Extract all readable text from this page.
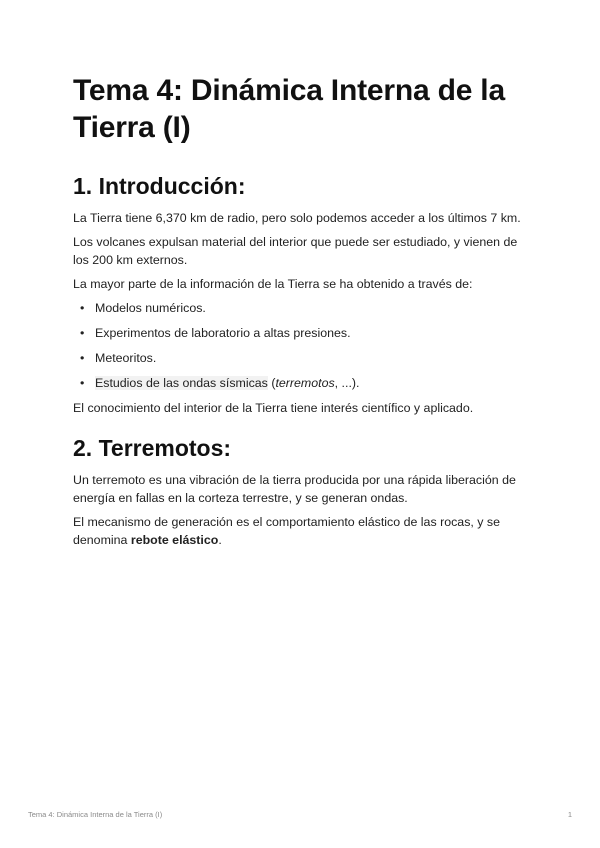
Tema 4: Dinámica Interna de la Tierra (I)
1. Introducción:

La Tierra tiene 6,370 km de radio, pero solo podemos acceder a los últimos 7 km.

Los volcanes expulsan material del interior que puede ser estudiado, y vienen de los 200 km externos.

La mayor parte de la información de la Tierra se ha obtenido a través de:

• Modelos numéricos.
• Experimentos de laboratorio a altas presiones.
• Meteoritos.
• Estudios de las ondas sísmicas (terremotos, ...).

El conocimiento del interior de la Tierra tiene interés científico y aplicado.

2. Terremotos:

Un terremoto es una vibración de la tierra producida por una rápida liberación de energía en fallas en la corteza terrestre, y se generan ondas.

El mecanismo de generación es el comportamiento elástico de las rocas, y se denomina rebote elástico.

Tema 4: Dinámica Interna de la Tierra (I)	1
